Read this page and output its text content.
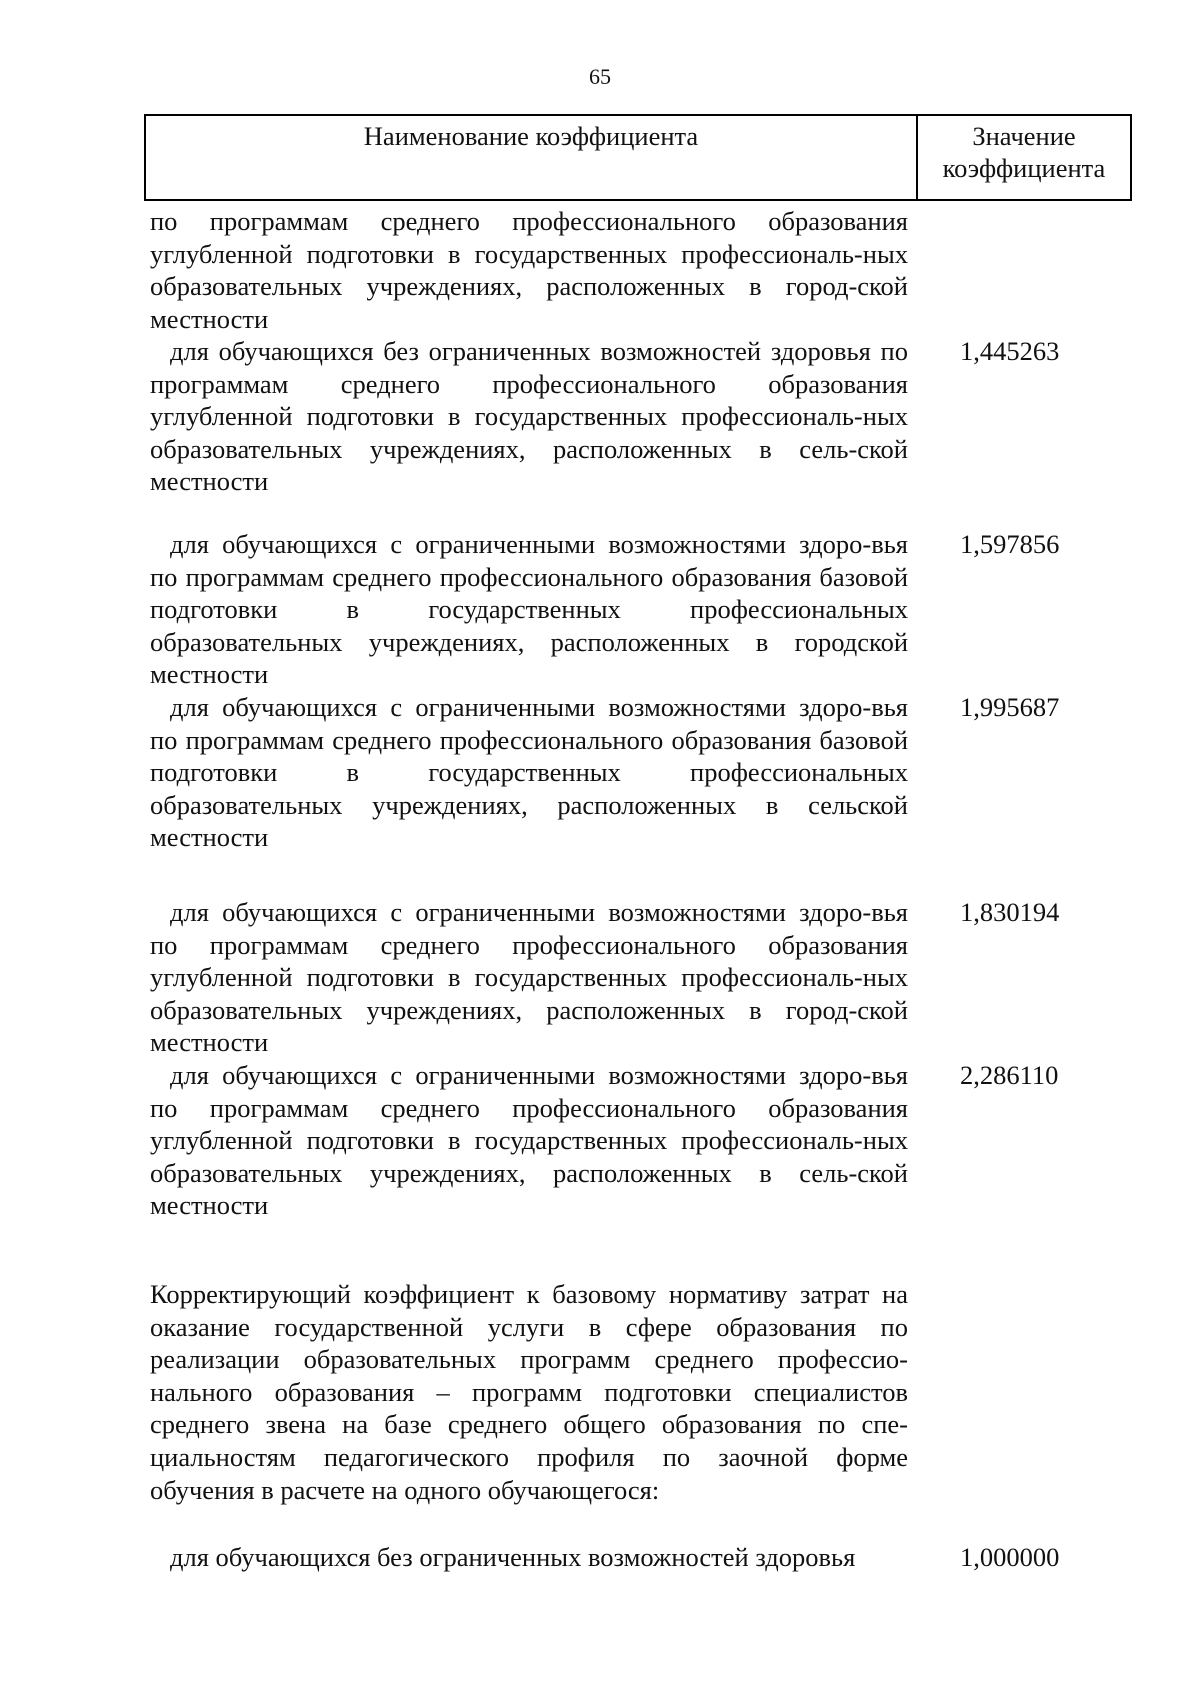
65
Наименование коэффициента	Значение
коэффициента
по программам среднего профессионального образования углубленной подготовки в государственных профессиональ-ных образовательных учреждениях, расположенных в город-ской местности
для обучающихся без ограниченных возможностей здоровья по программам среднего профессионального образования углубленной подготовки в государственных профессиональ-ных образовательных учреждениях, расположенных в сель-ской местности
1,445263
для обучающихся с ограниченными возможностями здоро-вья по программам среднего профессионального образования базовой подготовки в государственных профессиональных образовательных учреждениях, расположенных в городской местности
1,597856
для обучающихся с ограниченными возможностями здоро-вья по программам среднего профессионального образования базовой подготовки в государственных профессиональных образовательных учреждениях, расположенных в сельской местности
1,995687
для обучающихся с ограниченными возможностями здоро-вья по программам среднего профессионального образования углубленной подготовки в государственных профессиональ-ных образовательных учреждениях, расположенных в город-ской местности
1,830194
для обучающихся с ограниченными возможностями здоро-вья по программам среднего профессионального образования углубленной подготовки в государственных профессиональ-ных образовательных учреждениях, расположенных в сель-ской местности
2,286110
Корректирующий коэффициент к базовому нормативу затрат на оказание государственной услуги в сфере образования по реализации образовательных программ среднего профессио-нального образования – программ подготовки специалистов среднего звена на базе среднего общего образования по спе-циальностям педагогического профиля по заочной форме обучения в расчете на одного обучающегося:
для обучающихся без ограниченных возможностей здоровья	1,000000
